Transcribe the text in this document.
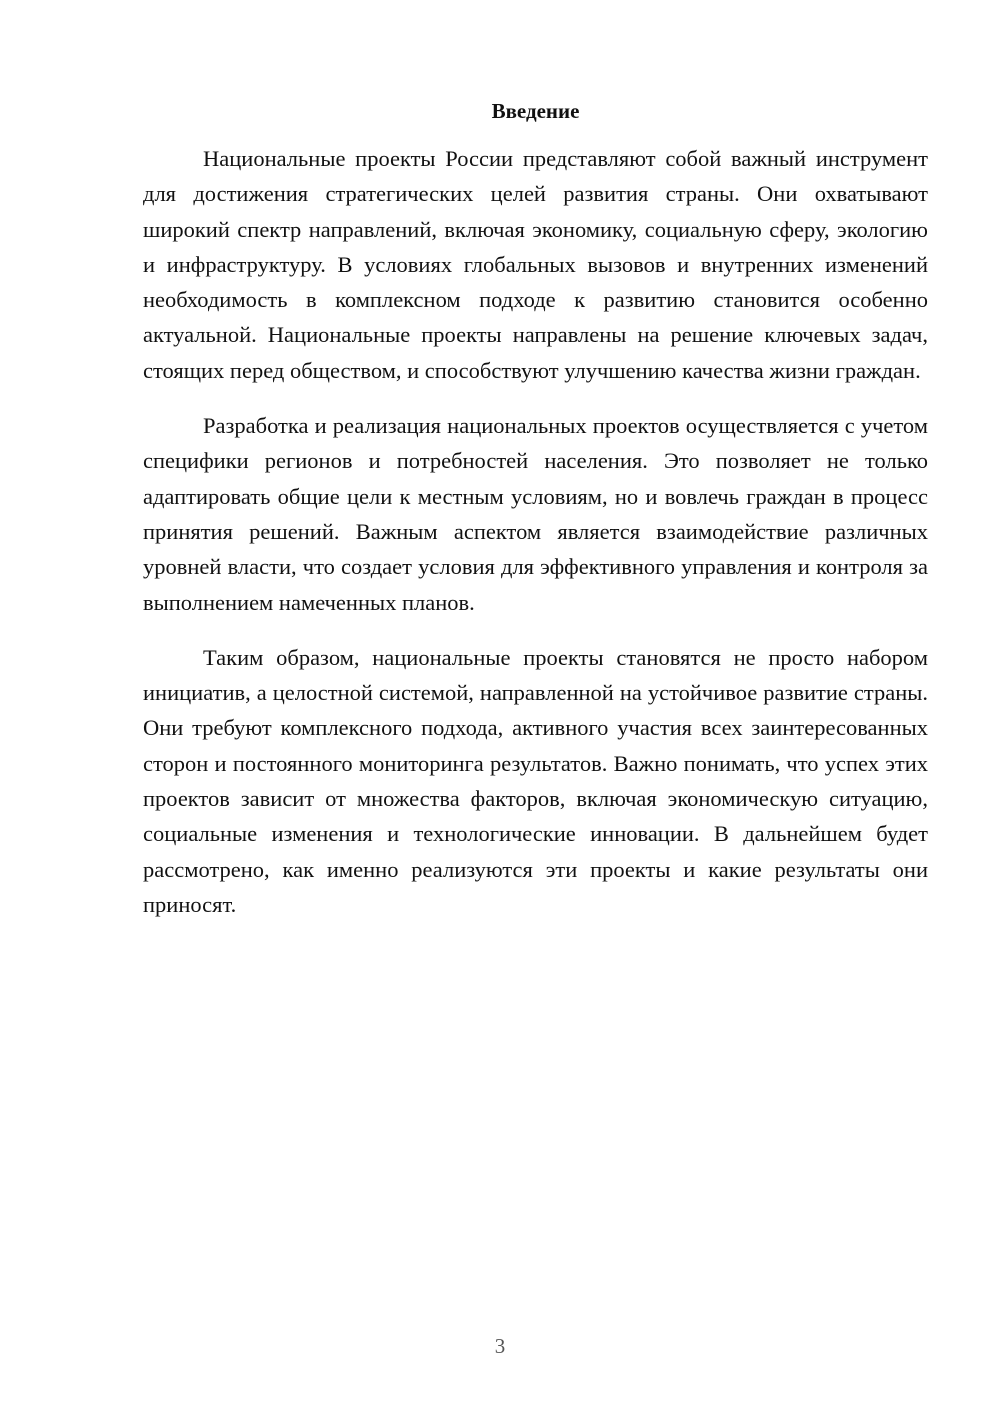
Введение

Национальные проекты России представляют собой важный инструмент для достижения стратегических целей развития страны. Они охватывают широкий спектр направлений, включая экономику, социальную сферу, экологию и инфраструктуру. В условиях глобальных вызовов и внутренних изменений необходимость в комплексном подходе к развитию становится особенно актуальной. Национальные проекты направлены на решение ключевых задач, стоящих перед обществом, и способствуют улучшению качества жизни граждан.

Разработка и реализация национальных проектов осуществляется с учетом специфики регионов и потребностей населения. Это позволяет не только адаптировать общие цели к местным условиям, но и вовлечь граждан в процесс принятия решений. Важным аспектом является взаимодействие различных уровней власти, что создает условия для эффективного управления и контроля за выполнением намеченных планов.

Таким образом, национальные проекты становятся не просто набором инициатив, а целостной системой, направленной на устойчивое развитие страны. Они требуют комплексного подхода, активного участия всех заинтересованных сторон и постоянного мониторинга результатов. Важно понимать, что успех этих проектов зависит от множества факторов, включая экономическую ситуацию, социальные изменения и технологические инновации. В дальнейшем будет рассмотрено, как именно реализуются эти проекты и какие результаты они приносят.

3
